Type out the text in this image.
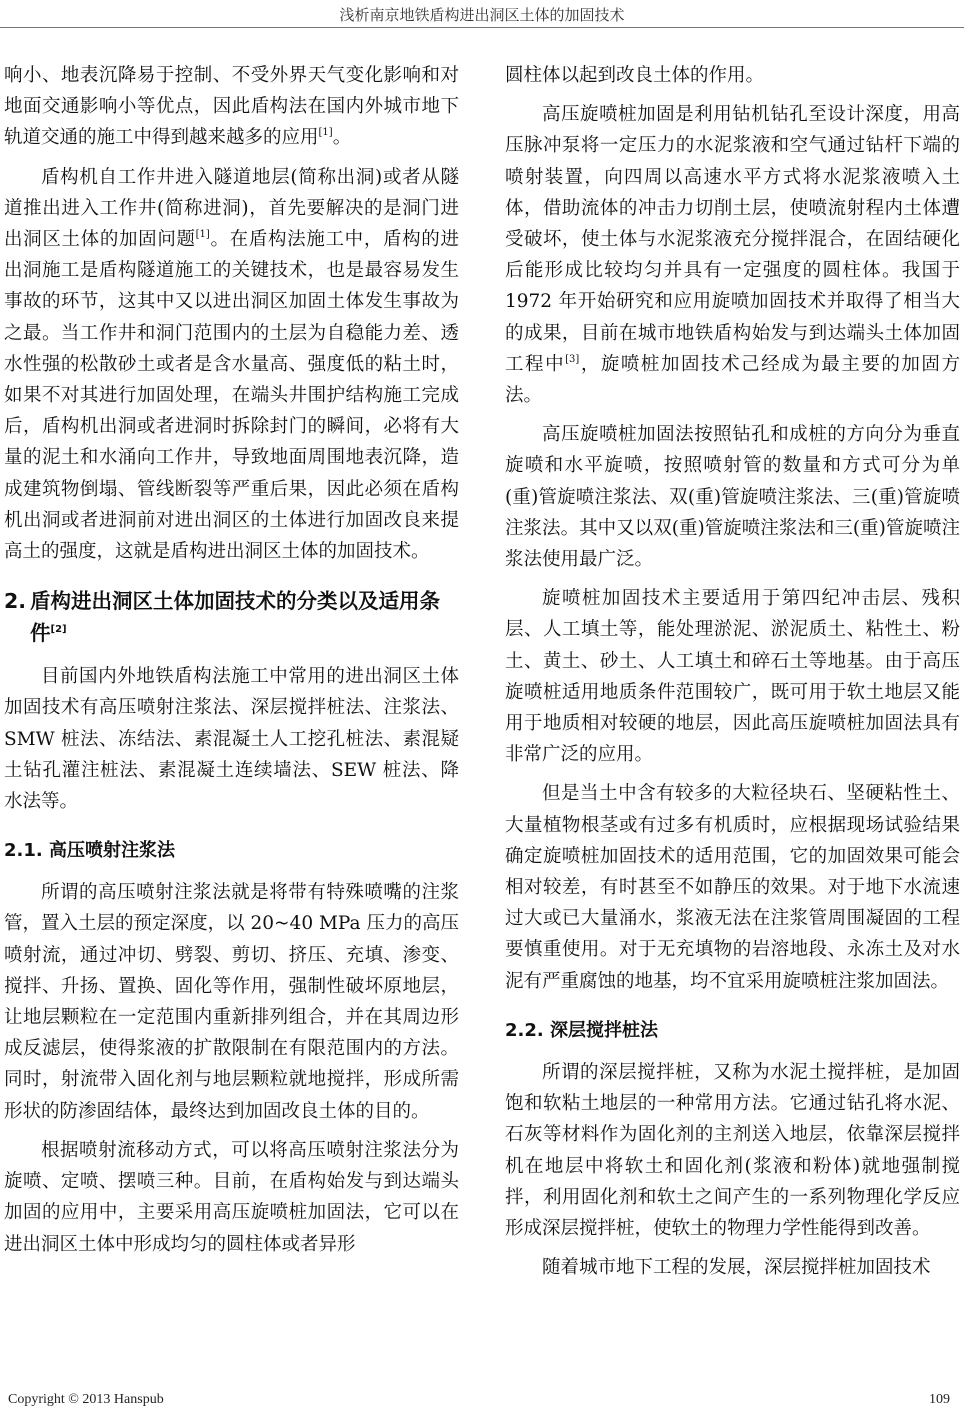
浅析南京地铁盾构进出洞区土体的加固技术

响小、地表沉降易于控制、不受外界天气变化影响和对地面交通影响小等优点，因此盾构法在国内外城市地下轨道交通的施工中得到越来越多的应用[1]。

盾构机自工作井进入隧道地层(简称出洞)或者从隧道推出进入工作井(简称进洞)，首先要解决的是洞门进出洞区土体的加固问题[1]。在盾构法施工中，盾构的进出洞施工是盾构隧道施工的关键技术，也是最容易发生事故的环节，这其中又以进出洞区加固土体发生事故为之最。当工作井和洞门范围内的土层为自稳能力差、透水性强的松散砂土或者是含水量高、强度低的粘土时，如果不对其进行加固处理，在端头井围护结构施工完成后，盾构机出洞或者进洞时拆除封门的瞬间，必将有大量的泥土和水涌向工作井，导致地面周围地表沉降，造成建筑物倒塌、管线断裂等严重后果，因此必须在盾构机出洞或者进洞前对进出洞区的土体进行加固改良来提高土的强度，这就是盾构进出洞区土体的加固技术。

2. 盾构进出洞区土体加固技术的分类以及适用条件[2]

目前国内外地铁盾构法施工中常用的进出洞区土体加固技术有高压喷射注浆法、深层搅拌桩法、注浆法、SMW 桩法、冻结法、素混凝土人工挖孔桩法、素混疑土钻孔灌注桩法、素混凝土连续墙法、SEW 桩法、降水法等。

2.1. 高压喷射注浆法

所谓的高压喷射注浆法就是将带有特殊喷嘴的注浆管，置入土层的预定深度，以 20~40 MPa 压力的高压喷射流，通过冲切、劈裂、剪切、挤压、充填、渗变、搅拌、升扬、置换、固化等作用，强制性破坏原地层，让地层颗粒在一定范围内重新排列组合，并在其周边形成反滤层，使得浆液的扩散限制在有限范围内的方法。同时，射流带入固化剂与地层颗粒就地搅拌，形成所需形状的防渗固结体，最终达到加固改良土体的目的。

根据喷射流移动方式，可以将高压喷射注浆法分为旋喷、定喷、摆喷三种。目前，在盾构始发与到达端头加固的应用中，主要采用高压旋喷桩加固法，它可以在进出洞区土体中形成均匀的圆柱体或者异形

圆柱体以起到改良土体的作用。

高压旋喷桩加固是利用钻机钻孔至设计深度，用高压脉冲泵将一定压力的水泥浆液和空气通过钻杆下端的喷射装置，向四周以高速水平方式将水泥浆液喷入土体，借助流体的冲击力切削土层，使喷流射程内土体遭受破坏，使土体与水泥浆液充分搅拌混合，在固结硬化后能形成比较均匀并具有一定强度的圆柱体。我国于 1972 年开始研究和应用旋喷加固技术并取得了相当大的成果，目前在城市地铁盾构始发与到达端头土体加固工程中[3]，旋喷桩加固技术己经成为最主要的加固方法。

高压旋喷桩加固法按照钻孔和成桩的方向分为垂直旋喷和水平旋喷，按照喷射管的数量和方式可分为单(重)管旋喷注浆法、双(重)管旋喷注浆法、三(重)管旋喷注浆法。其中又以双(重)管旋喷注浆法和三(重)管旋喷注浆法使用最广泛。

旋喷桩加固技术主要适用于第四纪冲击层、残积层、人工填土等，能处理淤泥、淤泥质土、粘性土、粉土、黄土、砂土、人工填土和碎石土等地基。由于高压旋喷桩适用地质条件范围较广，既可用于软土地层又能用于地质相对较硬的地层，因此高压旋喷桩加固法具有非常广泛的应用。

但是当土中含有较多的大粒径块石、坚硬粘性土、大量植物根茎或有过多有机质时，应根据现场试验结果确定旋喷桩加固技术的适用范围，它的加固效果可能会相对较差，有时甚至不如静压的效果。对于地下水流速过大或已大量涌水，浆液无法在注浆管周围凝固的工程要慎重使用。对于无充填物的岩溶地段、永冻土及对水泥有严重腐蚀的地基，均不宜采用旋喷桩注浆加固法。

2.2. 深层搅拌桩法

所谓的深层搅拌桩，又称为水泥土搅拌桩，是加固饱和软粘土地层的一种常用方法。它通过钻孔将水泥、石灰等材料作为固化剂的主剂送入地层，依靠深层搅拌机在地层中将软土和固化剂(浆液和粉体)就地强制搅拌，利用固化剂和软土之间产生的一系列物理化学反应形成深层搅拌桩，使软土的物理力学性能得到改善。

随着城市地下工程的发展，深层搅拌桩加固技术

Copyright © 2013 Hanspub	109
